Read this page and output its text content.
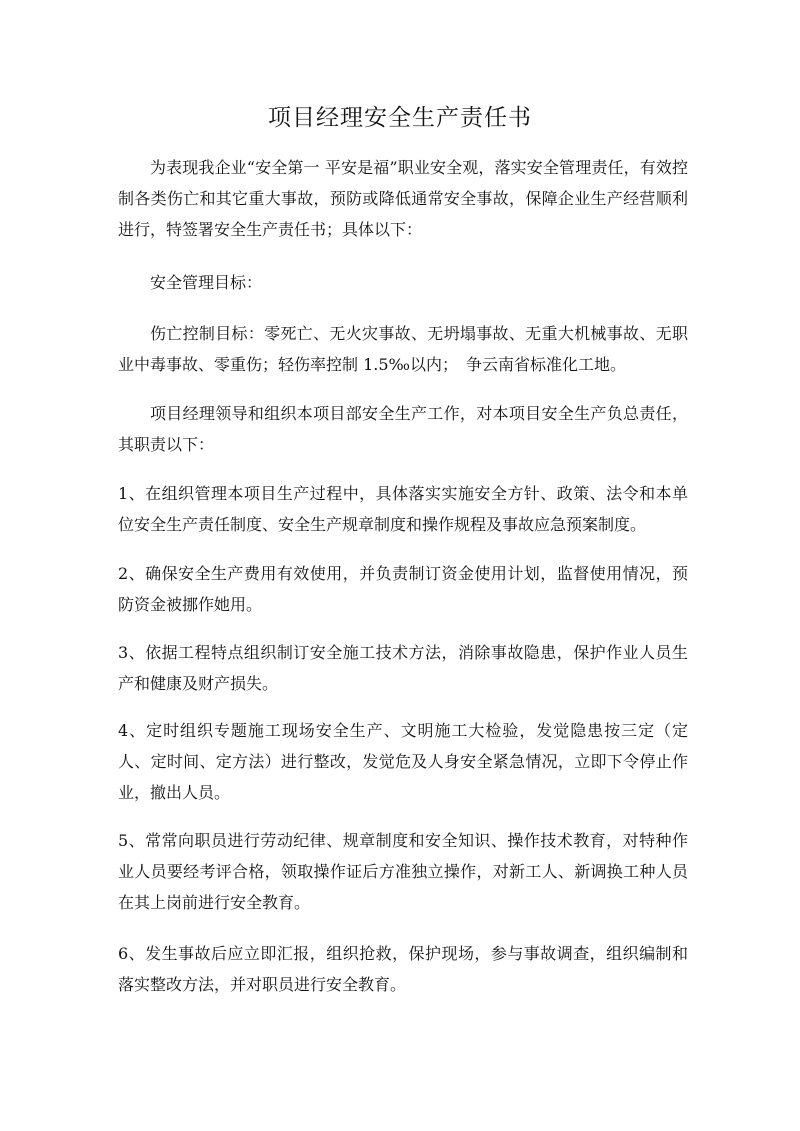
项目经理安全生产责任书

为表现我企业“安全第一 平安是福”职业安全观，落实安全管理责任，有效控制各类伤亡和其它重大事故，预防或降低通常安全事故，保障企业生产经营顺利进行，特签署安全生产责任书；具体以下：

安全管理目标：

伤亡控制目标：零死亡、无火灾事故、无坍塌事故、无重大机械事故、无职业中毒事故、零重伤；轻伤率控制 1.5‰以内；　争云南省标准化工地。

项目经理领导和组织本项目部安全生产工作，对本项目安全生产负总责任，其职责以下：

1、在组织管理本项目生产过程中，具体落实实施安全方针、政策、法令和本单位安全生产责任制度、安全生产规章制度和操作规程及事故应急预案制度。

2、确保安全生产费用有效使用，并负责制订资金使用计划，监督使用情况，预防资金被挪作她用。

3、依据工程特点组织制订安全施工技术方法，消除事故隐患，保护作业人员生产和健康及财产损失。

4、定时组织专题施工现场安全生产、文明施工大检验，发觉隐患按三定（定人、定时间、定方法）进行整改，发觉危及人身安全紧急情况，立即下令停止作业，撤出人员。

5、常常向职员进行劳动纪律、规章制度和安全知识、操作技术教育，对特种作业人员要经考评合格，领取操作证后方准独立操作，对新工人、新调换工种人员在其上岗前进行安全教育。

6、发生事故后应立即汇报，组织抢救，保护现场，参与事故调查，组织编制和落实整改方法，并对职员进行安全教育。
